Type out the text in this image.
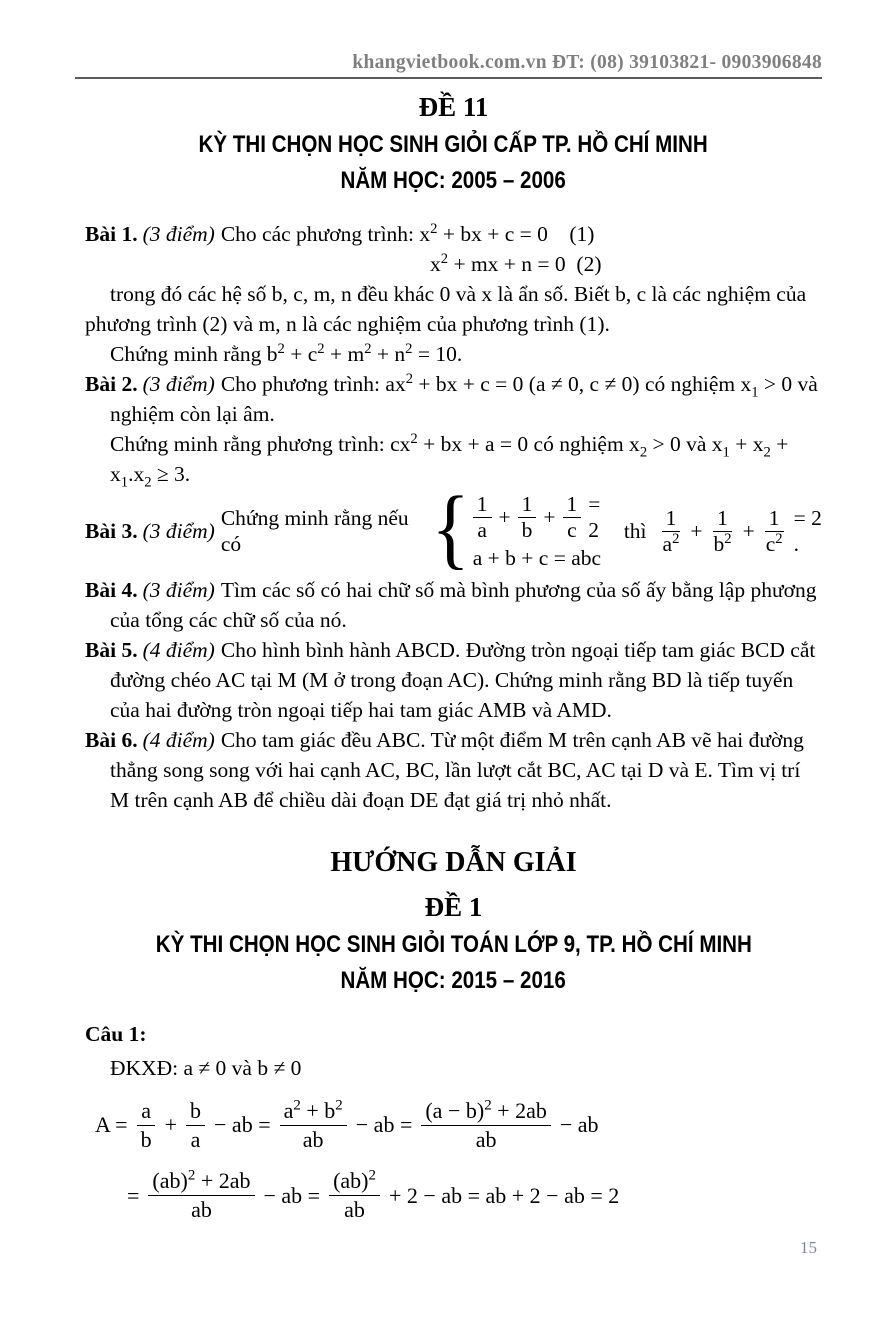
khangvietbook.com.vn ĐT: (08) 39103821- 0903906848
ĐỀ 11
KỲ THI CHỌN HỌC SINH GIỎI CẤP TP. HỒ CHÍ MINH
NĂM HỌC: 2005 – 2006

Bài 1. (3 điểm) Cho các phương trình: $x^2$ + bx + c = 0    (1)

$x^2$ + mx + n = 0  (2)

trong đó các hệ số b, c, m, n đều khác 0 và x là ẩn số. Biết b, c là các nghiệm của phương trình (2) và m, n là các nghiệm của phương trình (1).

Chứng minh rằng $b^2 + c^2 + m^2 + n^2 = 10$.

Bài 2. (3 điểm) Cho phương trình: $ax^2$ + bx + c = 0 (a ≠ 0, c ≠ 0) có nghiệm $x_1 > 0$ và nghiệm còn lại âm.

Chứng minh rằng phương trình: $cx^2$ + bx + a = 0 có nghiệm $x_2 > 0$ và $x_1 + x_2 + x_1.x_2 \ge 3$.

Bài 3. (3 điểm)
Chứng minh rằng nếu có	{ $\frac{1}{a} + \frac{1}{b} + \frac{1}{c} = 2$
a + b + c = abc
thì $\frac{1}{a^2} + \frac{1}{b^2} + \frac{1}{c^2} = 2$ .

Bài 4. (3 điểm) Tìm các số có hai chữ số mà bình phương của số ấy bằng lập phương của tổng các chữ số của nó.

Bài 5. (4 điểm) Cho hình bình hành ABCD. Đường tròn ngoại tiếp tam giác BCD cắt đường chéo AC tại M (M ở trong đoạn AC). Chứng minh rằng BD là tiếp tuyến của hai đường tròn ngoại tiếp hai tam giác AMB và AMD.

Bài 6. (4 điểm) Cho tam giác đều ABC. Từ một điểm M trên cạnh AB vẽ hai đường thẳng song song với hai cạnh AC, BC, lần lượt cắt BC, AC tại D và E. Tìm vị trí M trên cạnh AB để chiều dài đoạn DE đạt giá trị nhỏ nhất.

HƯỚNG DẪN GIẢI
ĐỀ 1
KỲ THI CHỌN HỌC SINH GIỎI TOÁN LỚP 9, TP. HỒ CHÍ MINH
NĂM HỌC: 2015 – 2016

Câu 1:

ĐKXĐ: a ≠ 0 và b ≠ 0
$A = \frac{a}{b} + \frac{b}{a}$ − ab = $\frac{a^2 + b^2}{ab}$ − ab = $\frac{(a - b)^2 + 2ab}{ab}$ − ab
= $\frac{(ab)^2 + 2ab}{ab}$ − ab = $\frac{(ab)^2}{ab} + 2$ − ab = ab + 2 − ab = 2
15
